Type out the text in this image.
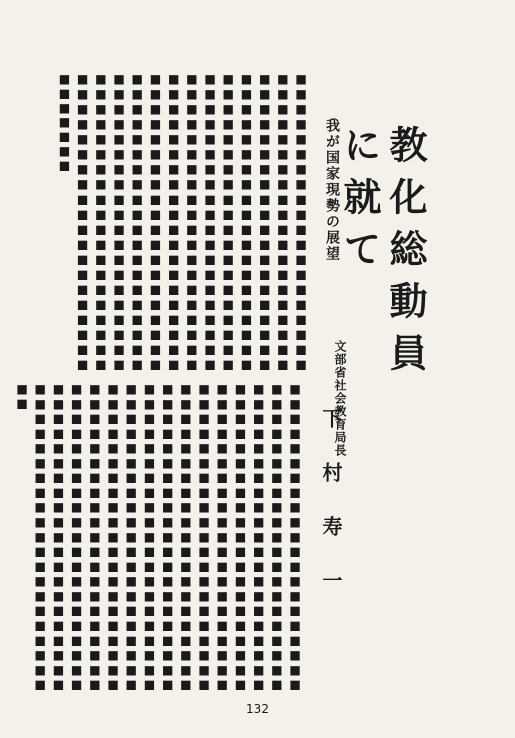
教化総動員に就て
文部省社会教育局長
下村寿一
我が国家現勢の展望
■■■■■■■■■■■■■■■■■■■■■■■■■■■■■■■■■■■■■■■■■■■■■■■■■■■■■■■■■■■■■■■■■■■■■■■■■■■■■■■■■■■■■■■■■■■■■■■■■■■■■■■■■■■■■■■■■■■■■■■■■■■■■■■■■■■■■■■■■■■■■■■■■■■■■■■■■■■■■■■■■■■■■■■■■■■■■■■■■■■■■■■■■■■■■■■■■■■■■■■■■■■■■■■■■■■■■■■■■■■■■■■■■■■■■■■■■■■■■■■■■■■■■■■■■■■■■■■■■■■■■■■■■■■
■■■■■■■■■■■■■■■■■■■■■■■■■■■■■■■■■■■■■■■■■■■■■■■■■■■■■■■■■■■■■■■■■■■■■■■■■■■■■■■■■■■■■■■■■■■■■■■■■■■■■■■■■■■■■■■■■■■■■■■■■■■■■■■■■■■■■■■■■■■■■■■■■■■■■■■■■■■■■■■■■■■■■■■■■■■■■■■■■■■■■■■■■■■■■■■■■■■■■■■■■■■■■■■■■■■■■■■■■■■■■■■■■■■■■■■■■■■■■■■■■■■■■■■■■■■■■■■■■■■■■■■■■■■■■■■■■■■■■■■■■■■■■■■■■■■■■■■■■■■■■■■■■■■■■■■■■■■■■
132
